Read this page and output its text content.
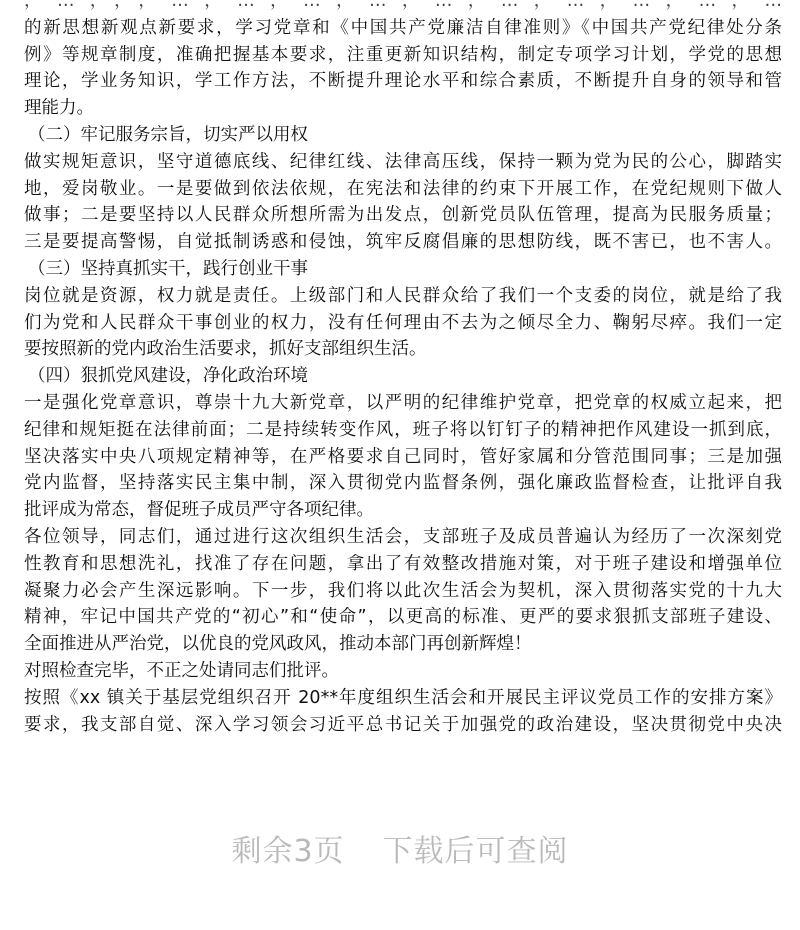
，…，，，…，…，…，…，…，…，…，…，…，…
的新思想新观点新要求，学习党章和《中国共产党廉洁自律准则》《中国共产党纪律处分条
例》等规章制度，准确把握基本要求，注重更新知识结构，制定专项学习计划，学党的思想
理论，学业务知识，学工作方法，不断提升理论水平和综合素质，不断提升自身的领导和管
理能力。
（二）牢记服务宗旨，切实严以用权
做实规矩意识，坚守道德底线、纪律红线、法律高压线，保持一颗为党为民的公心，脚踏实
地，爱岗敬业。一是要做到依法依规，在宪法和法律的约束下开展工作，在党纪规则下做人
做事；二是要坚持以人民群众所想所需为出发点，创新党员队伍管理，提高为民服务质量；
三是要提高警惕，自觉抵制诱惑和侵蚀，筑牢反腐倡廉的思想防线，既不害已，也不害人。
（三）坚持真抓实干，践行创业干事
岗位就是资源，权力就是责任。上级部门和人民群众给了我们一个支委的岗位，就是给了我
们为党和人民群众干事创业的权力，没有任何理由不去为之倾尽全力、鞠躬尽瘁。我们一定
要按照新的党内政治生活要求，抓好支部组织生活。
（四）狠抓党风建设，净化政治环境
一是强化党章意识，尊崇十九大新党章，以严明的纪律维护党章，把党章的权威立起来，把
纪律和规矩挺在法律前面；二是持续转变作风，班子将以钉钉子的精神把作风建设一抓到底，
坚决落实中央八项规定精神等，在严格要求自己同时，管好家属和分管范围同事；三是加强
党内监督，坚持落实民主集中制，深入贯彻党内监督条例，强化廉政监督检查，让批评自我
批评成为常态，督促班子成员严守各项纪律。
各位领导，同志们，通过进行这次组织生活会，支部班子及成员普遍认为经历了一次深刻党
性教育和思想洗礼，找准了存在问题，拿出了有效整改措施对策，对于班子建设和增强单位
凝聚力必会产生深远影响。下一步，我们将以此次生活会为契机，深入贯彻落实党的十九大
精神，牢记中国共产党的“初心”和“使命”，以更高的标准、更严的要求狠抓支部班子建设、
全面推进从严治党，以优良的党风政风，推动本部门再创新辉煌！
对照检查完毕，不正之处请同志们批评。
按照《xx 镇关于基层党组织召开 20**年度组织生活会和开展民主评议党员工作的安排方案》
要求，我支部自觉、深入学习领会习近平总书记关于加强党的政治建设，坚决贯彻党中央决
剩余3页 下载后可查阅
